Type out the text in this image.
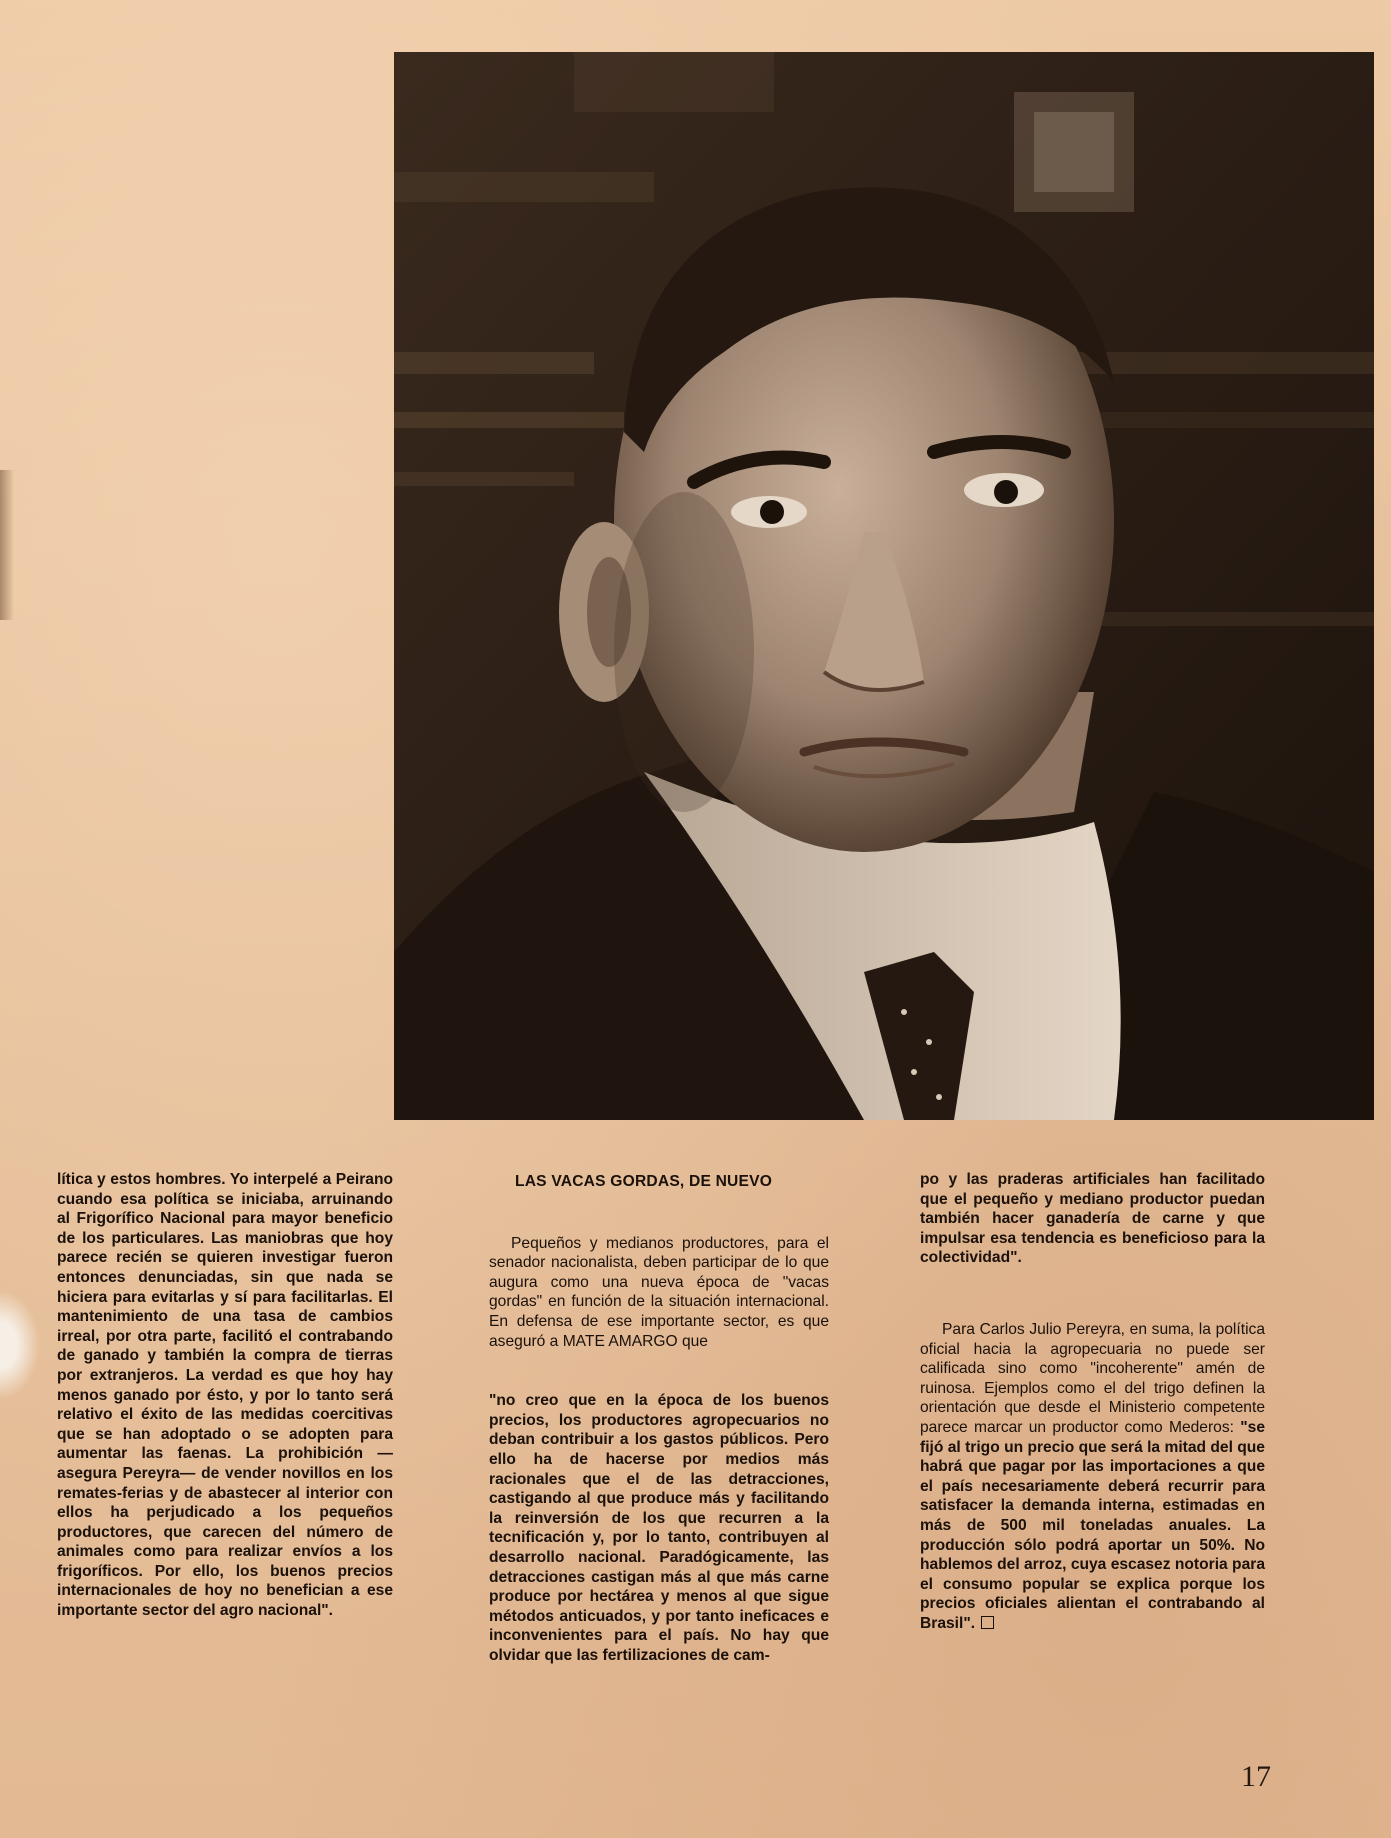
lítica y estos hombres. Yo interpelé a Peirano cuando esa política se iniciaba, arruinando al Frigorífico Nacional para mayor beneficio de los particulares. Las maniobras que hoy parece recién se quieren investigar fueron entonces denunciadas, sin que nada se hiciera para evitarlas y sí para facilitarlas. El mantenimiento de una tasa de cambios irreal, por otra parte, facilitó el contrabando de ganado y también la compra de tierras por extranjeros. La verdad es que hoy hay menos ganado por ésto, y por lo tanto será relativo el éxito de las medidas coercitivas que se han adoptado o se adopten para aumentar las faenas. La prohibición —asegura Pereyra— de vender novillos en los remates-ferias y de abastecer al interior con ellos ha perjudicado a los pequeños productores, que carecen del número de animales como para realizar envíos a los frigoríficos. Por ello, los buenos precios internacionales de hoy no benefician a ese importante sector del agro nacional".

LAS VACAS GORDAS, DE NUEVO

Pequeños y medianos productores, para el senador nacionalista, deben participar de lo que augura como una nueva época de "vacas gordas" en función de la situación internacional. En defensa de ese importante sector, es que aseguró a MATE AMARGO que

"no creo que en la época de los buenos precios, los productores agropecuarios no deban contribuir a los gastos públicos. Pero ello ha de hacerse por medios más racionales que el de las detracciones, castigando al que produce más y facilitando la reinversión de los que recurren a la tecnificación y, por lo tanto, contribuyen al desarrollo nacional. Paradógicamente, las detracciones castigan más al que más carne produce por hectárea y menos al que sigue métodos anticuados, y por tanto ineficaces e inconvenientes para el país. No hay que olvidar que las fertilizaciones de cam-

po y las praderas artificiales han facilitado que el pequeño y mediano productor puedan también hacer ganadería de carne y que impulsar esa tendencia es beneficioso para la colectividad".

Para Carlos Julio Pereyra, en suma, la política oficial hacia la agropecuaria no puede ser calificada sino como "incoherente" amén de ruinosa. Ejemplos como el del trigo definen la orientación que desde el Ministerio competente parece marcar un productor como Mederos: "se fijó al trigo un precio que será la mitad del que habrá que pagar por las importaciones a que el país necesariamente deberá recurrir para satisfacer la demanda interna, estimadas en más de 500 mil toneladas anuales. La producción sólo podrá aportar un 50%. No hablemos del arroz, cuya escasez notoria para el consumo popular se explica porque los precios oficiales alientan el contrabando al Brasil".

17
